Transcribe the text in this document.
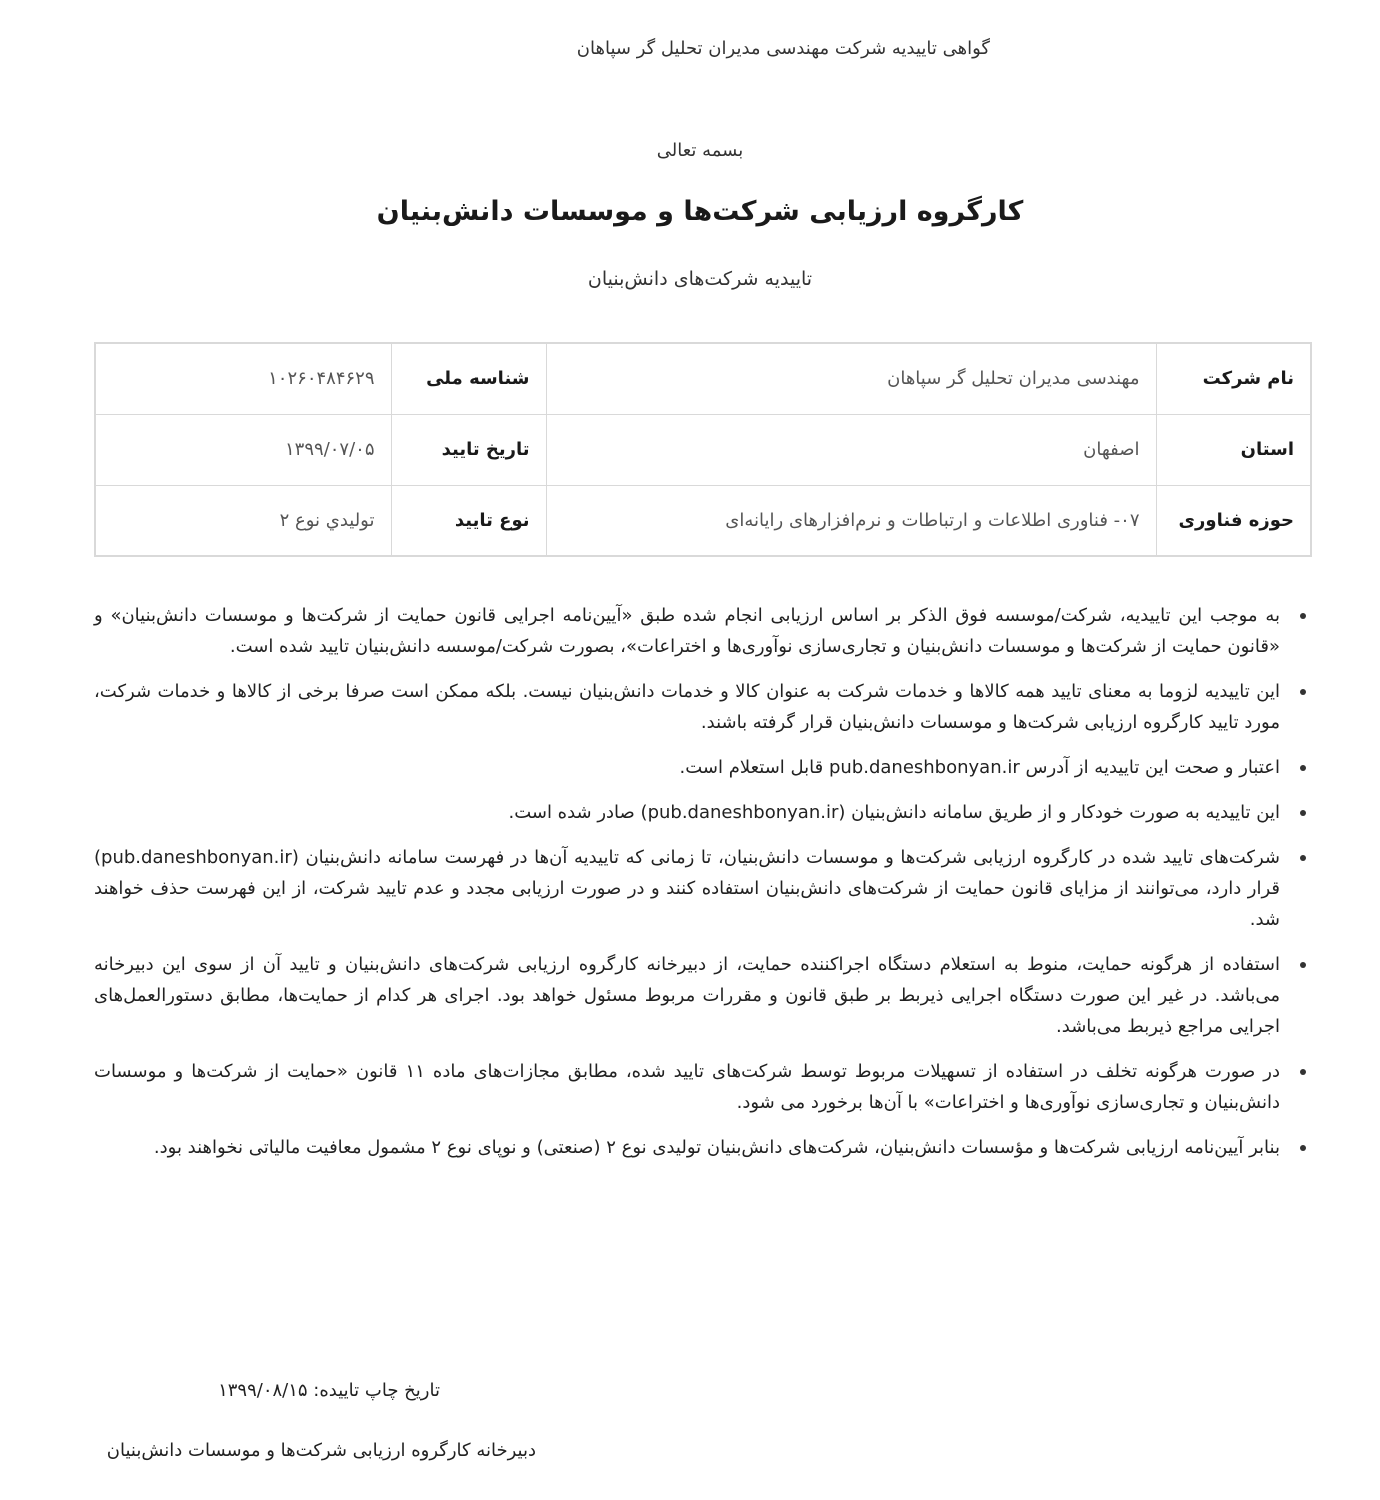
گواهی تاییدیه شرکت مهندسی مدیران تحلیل گر سپاهان
بسمه تعالی
کارگروه ارزیابی شرکت‌ها و موسسات دانش‌بنیان
تاییدیه شرکت‌های دانش‌بنیان
نام شرکت	مهندسی مدیران تحلیل گر سپاهان	شناسه ملی	۱۰۲۶۰۴۸۴۶۲۹
استان	اصفهان	تاریخ تایید	۱۳۹۹/۰۷/۰۵
حوزه فناوری	۰۷- فناوری اطلاعات و ارتباطات و نرم‌افزارهای رایانه‌ای	نوع تایید	توليدي نوع ۲
به موجب این تاییدیه، شرکت/موسسه فوق الذکر بر اساس ارزیابی انجام شده طبق «آیین‌نامه اجرایی قانون حمایت از شرکت‌ها و موسسات دانش‌بنیان» و «قانون حمایت از شرکت‌ها و موسسات دانش‌بنیان و تجاری‌سازی نوآوری‌ها و اختراعات»، بصورت شرکت/موسسه دانش‌بنیان تایید شده است.
این تاییدیه لزوما به معنای تایید همه کالاها و خدمات شرکت به عنوان کالا و خدمات دانش‌بنیان نیست. بلکه ممکن است صرفا برخی از کالاها و خدمات شرکت، مورد تایید کارگروه ارزیابی شرکت‌ها و موسسات دانش‌بنیان قرار گرفته باشند.
اعتبار و صحت این تاییدیه از آدرس pub.daneshbonyan.ir قابل استعلام است.
این تاییدیه به صورت خودکار و از طریق سامانه دانش‌بنیان (pub.daneshbonyan.ir) صادر شده است.
شرکت‌های تایید شده در کارگروه ارزیابی شرکت‌ها و موسسات دانش‌بنیان، تا زمانی که تاییدیه آن‌ها در فهرست سامانه دانش‌بنیان (pub.daneshbonyan.ir) قرار دارد، می‌توانند از مزایای قانون حمایت از شرکت‌های دانش‌بنیان استفاده کنند و در صورت ارزیابی مجدد و عدم تایید شرکت، از این فهرست حذف خواهند شد.
استفاده از هرگونه حمایت، منوط به استعلام دستگاه اجراکننده حمایت، از دبیرخانه کارگروه ارزیابی شرکت‌های دانش‌بنیان و تایید آن از سوی این دبیرخانه می‌باشد. در غیر این صورت دستگاه اجرایی ذیربط بر طبق قانون و مقررات مربوط مسئول خواهد بود. اجرای هر کدام از حمایت‌ها، مطابق دستورالعمل‌های اجرایی مراجع ذیربط می‌باشد.
در صورت هرگونه تخلف در استفاده از تسهیلات مربوط توسط شرکت‌های تایید شده، مطابق مجازات‌های ماده ۱۱ قانون «حمایت از شرکت‌ها و موسسات دانش‌بنیان و تجاری‌سازی نوآوری‌ها و اختراعات» با آن‌ها برخورد می شود.
بنابر آیین‌نامه ارزیابی شرکت‌ها و مؤسسات دانش‌بنیان، شرکت‌های دانش‌بنیان تولیدی نوع ۲ (صنعتی) و نوپای نوع ۲ مشمول معافیت مالیاتی نخواهند بود.
تاریخ چاپ تاییده: ۱۳۹۹/۰۸/۱۵
دبیرخانه کارگروه ارزیابی شرکت‌ها و موسسات دانش‌بنیان
